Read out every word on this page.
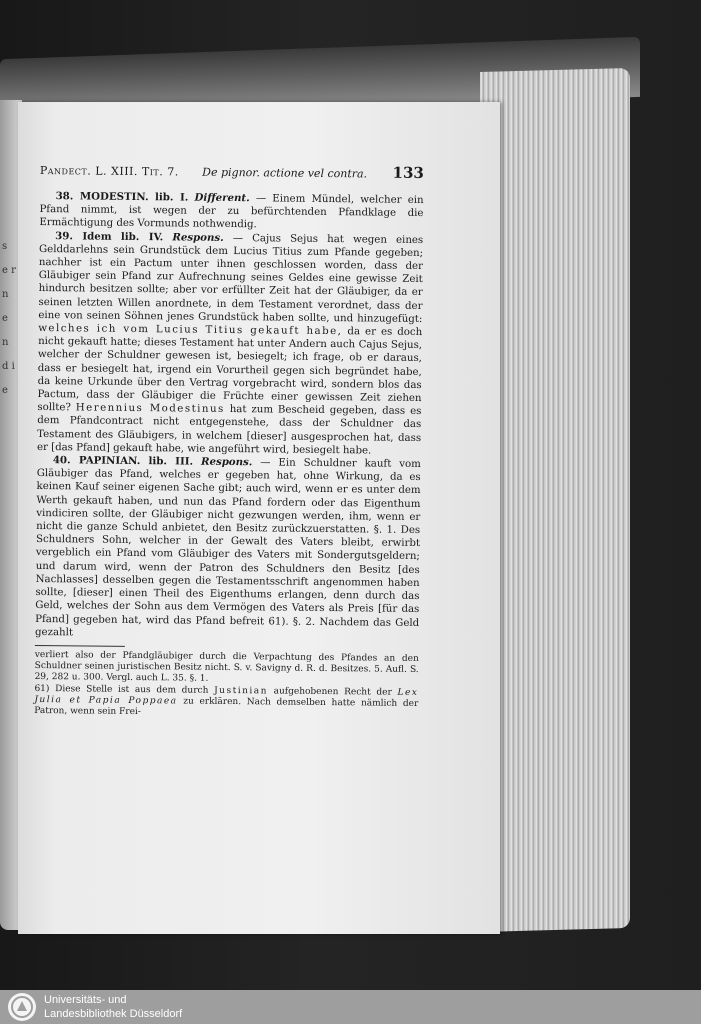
s e r n e n d i e
Pandect. L. XIII. Tit. 7. De pignor. actione vel contra. 133

38. MODESTIN. lib. I. Different. — Einem Mündel, welcher ein Pfand nimmt, ist wegen der zu befürchtenden Pfandklage die Ermächtigung des Vormunds nothwendig.

39. Idem lib. IV. Respons. — Cajus Sejus hat wegen eines Gelddarlehns sein Grundstück dem Lucius Titius zum Pfande gegeben; nachher ist ein Pactum unter ihnen geschlossen worden, dass der Gläubiger sein Pfand zur Aufrechnung seines Geldes eine gewisse Zeit hindurch besitzen sollte; aber vor erfüllter Zeit hat der Gläubiger, da er seinen letzten Willen anordnete, in dem Testament verordnet, dass der eine von seinen Söhnen jenes Grundstück haben sollte, und hinzugefügt: welches ich vom Lucius Titius gekauft habe, da er es doch nicht gekauft hatte; dieses Testament hat unter Andern auch Cajus Sejus, welcher der Schuldner gewesen ist, besiegelt; ich frage, ob er daraus, dass er besiegelt hat, irgend ein Vorurtheil gegen sich begründet habe, da keine Urkunde über den Vertrag vorgebracht wird, sondern blos das Pactum, dass der Gläubiger die Früchte einer gewissen Zeit ziehen sollte? Herennius Modestinus hat zum Bescheid gegeben, dass es dem Pfandcontract nicht entgegenstehe, dass der Schuldner das Testament des Gläubigers, in welchem [dieser] ausgesprochen hat, dass er [das Pfand] gekauft habe, wie angeführt wird, besiegelt habe.

40. PAPINIAN. lib. III. Respons. — Ein Schuldner kauft vom Gläubiger das Pfand, welches er gegeben hat, ohne Wirkung, da es keinen Kauf seiner eigenen Sache gibt; auch wird, wenn er es unter dem Werth gekauft haben, und nun das Pfand fordern oder das Eigenthum vindiciren sollte, der Gläubiger nicht gezwungen werden, ihm, wenn er nicht die ganze Schuld anbietet, den Besitz zurückzuerstatten. §. 1. Des Schuldners Sohn, welcher in der Gewalt des Vaters bleibt, erwirbt vergeblich ein Pfand vom Gläubiger des Vaters mit Sondergutsgeldern; und darum wird, wenn der Patron des Schuldners den Besitz [des Nachlasses] desselben gegen die Testamentsschrift angenommen haben sollte, [dieser] einen Theil des Eigenthums erlangen, denn durch das Geld, welches der Sohn aus dem Vermögen des Vaters als Preis [für das Pfand] gegeben hat, wird das Pfand befreit 61). §. 2. Nachdem das Geld gezahlt

verliert also der Pfandgläubiger durch die Verpachtung des Pfandes an den Schuldner seinen juristischen Besitz nicht. S. v. Savigny d. R. d. Besitzes. 5. Aufl. S. 29, 282 u. 300. Vergl. auch L. 35. §. 1.

61) Diese Stelle ist aus dem durch Justinian aufgehobenen Recht der Lex Julia et Papia Poppaea zu erklären. Nach demselben hatte nämlich der Patron, wenn sein Frei-

Universitäts- und
Landesbibliothek Düsseldorf
